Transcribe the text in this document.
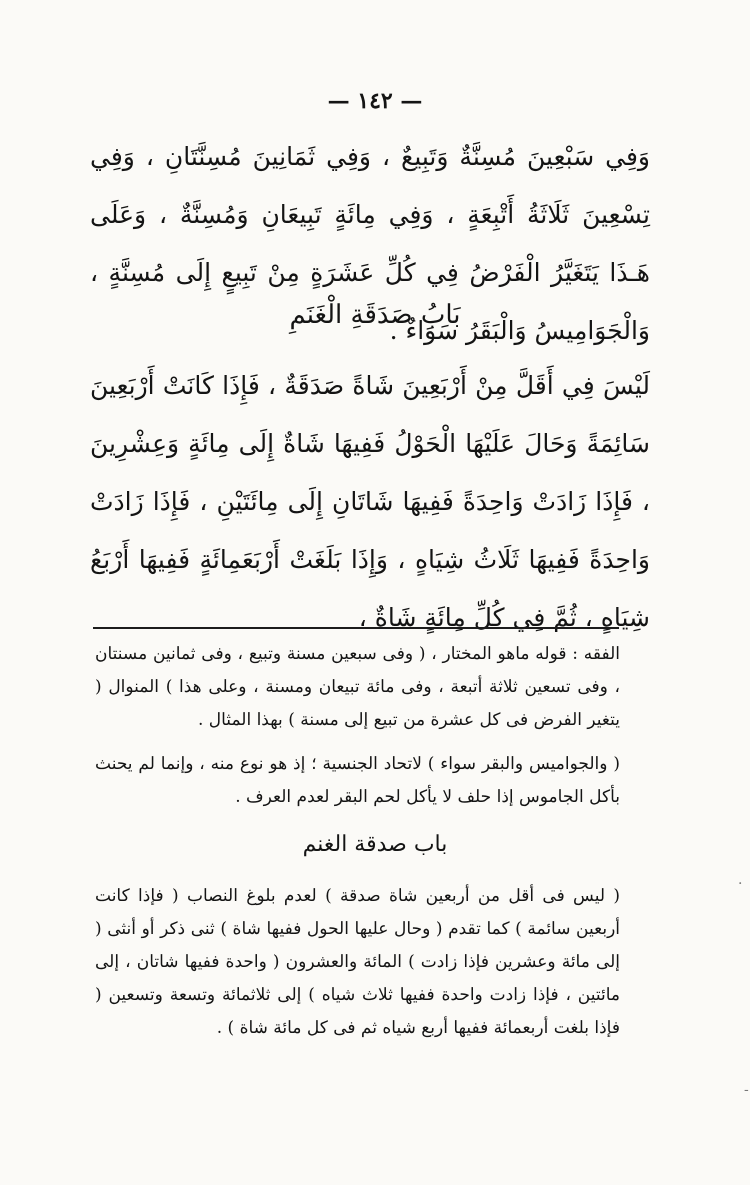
— ١٤٢ —
وَفِي سَبْعِينَ مُسِنَّةٌ وَتَبِيعٌ ، وَفِي ثَمَانِينَ مُسِنَّتَانِ ، وَفِي تِسْعِينَ ثَلَاثَةُ أَتْبِعَةٍ ، وَفِي مِائَةٍ تَبِيعَانِ وَمُسِنَّةٌ ، وَعَلَى هَـذَا يَتَغَيَّرُ الْفَرْضُ فِي كُلِّ عَشَرَةٍ مِنْ تَبِيعٍ إِلَى مُسِنَّةٍ ، وَالْجَوَامِيسُ وَالْبَقَرُ سَوَاءٌ .
بَابُ صَدَقَةِ الْغَنَمِ
لَيْسَ فِي أَقَلَّ مِنْ أَرْبَعِينَ شَاةً صَدَقَةٌ ، فَإِذَا كَانَتْ أَرْبَعِينَ سَائِمَةً وَحَالَ عَلَيْهَا الْحَوْلُ فَفِيهَا شَاةٌ إِلَى مِائَةٍ وَعِشْرِينَ ، فَإِذَا زَادَتْ وَاحِدَةً فَفِيهَا شَاتَانِ إِلَى مِائَتَيْنِ ، فَإِذَا زَادَتْ وَاحِدَةً فَفِيهَا ثَلَاثُ شِيَاهٍ ، وَإِذَا بَلَغَتْ أَرْبَعَمِائَةٍ فَفِيهَا أَرْبَعُ شِيَاهٍ ، ثُمَّ فِي كُلِّ مِائَةٍ شَاةٌ ،
الفقه : قوله ماهو المختار ، ( وفى سبعين مسنة وتبيع ، وفى ثمانين مسنتان ، وفى تسعين ثلاثة أتبعة ، وفى مائة تبيعان ومسنة ، وعلى هذا ) المنوال ( يتغير الفرض فى كل عشرة من تبيع إلى مسنة ) بهذا المثال .
( والجواميس والبقر سواء ) لاتحاد الجنسية ؛ إذ هو نوع منه ، وإنما لم يحنث بأكل الجاموس إذا حلف لا يأكل لحم البقر لعدم العرف .
باب صدقة الغنم
( ليس فى أقل من أربعين شاة صدقة ) لعدم بلوغ النصاب ( فإذا كانت أربعين سائمة ) كما تقدم ( وحال عليها الحول ففيها شاة ) ثنى ذكر أو أنثى ( إلى مائة وعشرين فإذا زادت ) المائة والعشرون ( واحدة ففيها شاتان ، إلى مائتين ، فإذا زادت واحدة ففيها ثلاث شياه ) إلى ثلاثمائة وتسعة وتسعين ( فإذا بلغت أربعمائة ففيها أربع شياه ثم فى كل مائة شاة ) .
·
-
